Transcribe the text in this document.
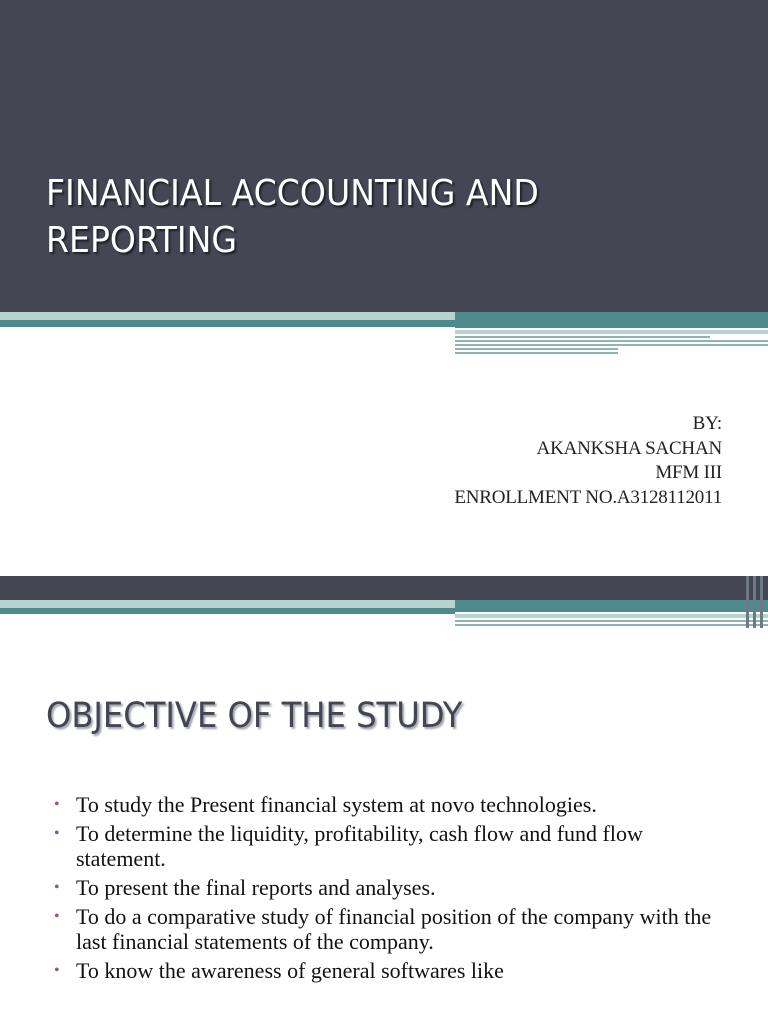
FINANCIAL ACCOUNTING AND REPORTING
BY:
AKANKSHA SACHAN
MFM III
ENROLLMENT NO.A3128112011
OBJECTIVE OF THE STUDY
• To study the Present financial system at novo technologies.
• To determine the liquidity, profitability, cash flow and fund flow statement.
• To present the final reports and analyses.
• To do a comparative study of financial position of the company with the last financial statements of the company.
• To know the awareness of general softwares like
